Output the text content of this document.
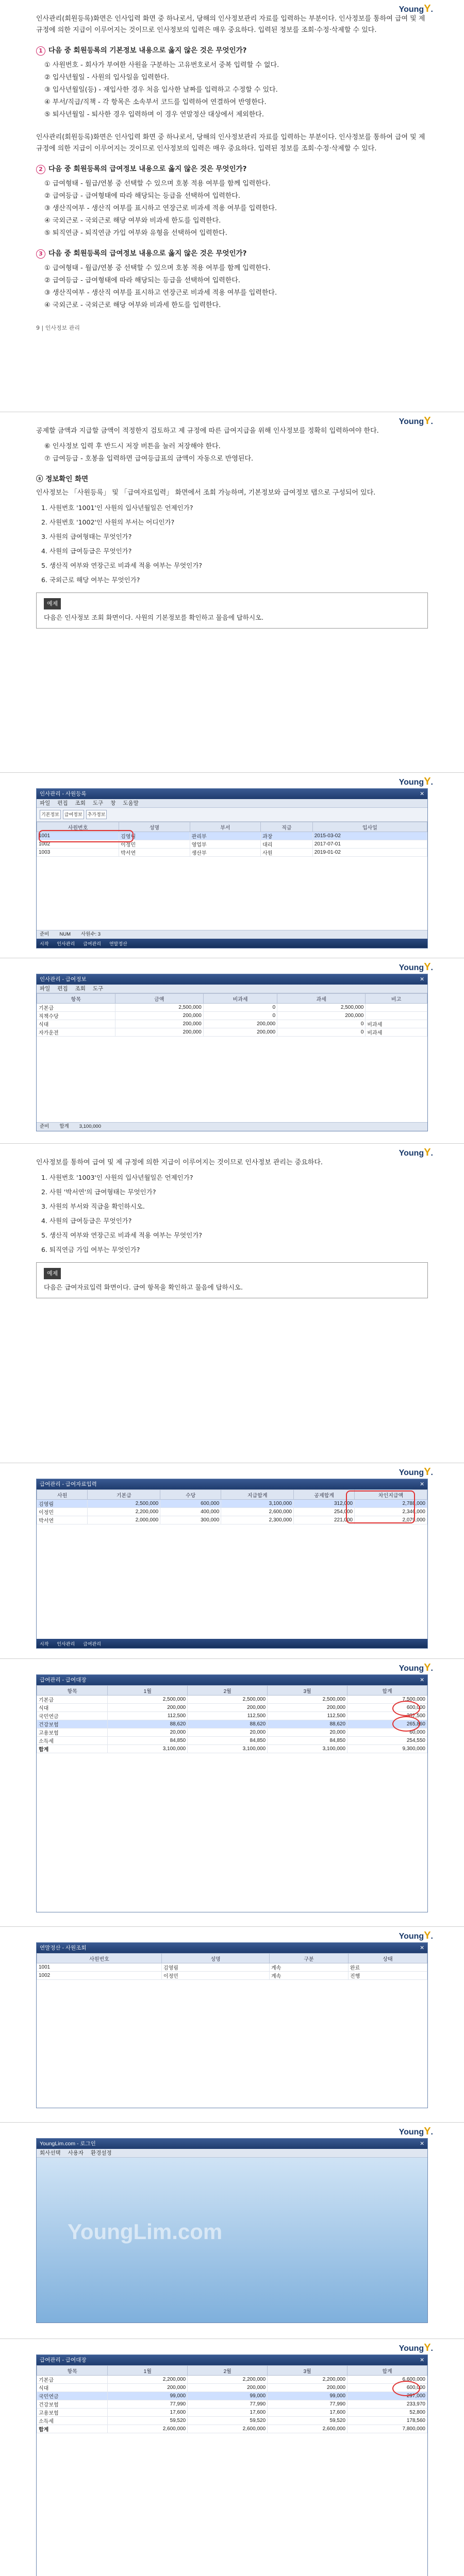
YoungY.

인사관리(회원등록)화면은 인사입력 화면 중 하나로서, 당해의 인사정보관리 자료를 입력하는 부분이다. 인사정보를 통하여 급여 및 제 규정에 의한 지급이 이루어지는 것이므로 인사정보의 입력은 매우 중요하다. 입력된 정보를 조회·수정·삭제할 수 있다.

1 다음 중 회원등록의 기본정보 내용으로 옳지 않은 것은 무엇인가?
① 사원번호 - 회사가 부여한 사원을 구분하는 고유번호로서 중복 입력할 수 없다.
② 입사년월일 - 사원의 입사일을 입력한다.
③ 입사년월일(등) - 재입사한 경우 처음 입사한 날짜를 입력하고 수정할 수 있다.
④ 부서/직급/직책 - 각 항목은 소속부서 코드를 입력하여 연결하여 반영한다.
⑤ 퇴사년월일 - 퇴사한 경우 입력하며 이 경우 연말정산 대상에서 제외한다.

인사관리(회원등록)화면은 인사입력 화면 중 하나로서, 당해의 인사정보관리 자료를 입력하는 부분이다. 인사정보를 통하여 급여 및 제 규정에 의한 지급이 이루어지는 것이므로 인사정보의 입력은 매우 중요하다. 입력된 정보를 조회·수정·삭제할 수 있다.

2 다음 중 회원등록의 급여정보 내용으로 옳지 않은 것은 무엇인가?
① 급여형태 - 월급/연봉 중 선택할 수 있으며 호봉 적용 여부를 함께 입력한다.
② 급여등급 - 급여형태에 따라 해당되는 등급을 선택하여 입력한다.
③ 생산직여부 - 생산직 여부를 표시하고 연장근로 비과세 적용 여부를 입력한다.
④ 국외근로 - 국외근로 해당 여부와 비과세 한도를 입력한다.
⑤ 퇴직연금 - 퇴직연금 가입 여부와 유형을 선택하여 입력한다.
3 다음 중 회원등록의 급여정보 내용으로 옳지 않은 것은 무엇인가?
① 급여형태 - 월급/연봉 중 선택할 수 있으며 호봉 적용 여부를 함께 입력한다.
② 급여등급 - 급여형태에 따라 해당되는 등급을 선택하여 입력한다.
③ 생산직여부 - 생산직 여부를 표시하고 연장근로 비과세 적용 여부를 입력한다.
④ 국외근로 - 국외근로 해당 여부와 비과세 한도를 입력한다.
9 | 인사정보 관리
YoungY.

공제할 금액과 지급할 금액이 적정한지 검토하고 제 규정에 따른 급여지급을 위해 인사정보를 정확히 입력하여야 한다.

⑥ 인사정보 입력 후 반드시 저장 버튼을 눌러 저장해야 한다.
⑦ 급여등급 - 호봉을 입력하면 급여등급표의 금액이 자동으로 반영된다.
ⓢ 정보확인 화면

인사정보는 「사원등록」 및 「급여자료입력」 화면에서 조회 가능하며, 기본정보와 급여정보 탭으로 구성되어 있다.

1. 사원번호 '1001'인 사원의 입사년월일은 언제인가?
2. 사원번호 '1002'인 사원의 부서는 어디인가?
3. 사원의 급여형태는 무엇인가?
4. 사원의 급여등급은 무엇인가?
5. 생산직 여부와 연장근로 비과세 적용 여부는 무엇인가?
6. 국외근로 해당 여부는 무엇인가?
예제
다음은 인사정보 조회 화면이다. 사원의 기본정보를 확인하고 물음에 답하시오.
YoungY.
인사관리 - 사원등록	✕
파일 편집 조회 도구 창 도움말
기본정보	급여정보	추가정보
사원번호	성명	부서	직급	입사일
1001	김영림	관리부	과장	2015-03-02
1002	이정민	영업부	대리	2017-07-01
1003	박서연	생산부	사원	2019-01-02
준비 NUM 사원수: 3
시작 인사관리 급여관리 연말정산
YoungY.
인사관리 - 급여정보	✕
파일 편집 조회 도구
항목	금액	비과세	과세	비고
기본급	2,500,000	0	2,500,000	
직책수당	200,000	0	200,000	
식대	200,000	200,000	0	비과세
자가운전	200,000	200,000	0	비과세
준비 합계 3,100,000
YoungY.

인사정보를 통하여 급여 및 제 규정에 의한 지급이 이루어지는 것이므로 인사정보 관리는 중요하다.

1. 사원번호 '1003'인 사원의 입사년월일은 언제인가?
2. 사원 '박서연'의 급여형태는 무엇인가?
3. 사원의 부서와 직급을 확인하시오.
4. 사원의 급여등급은 무엇인가?
5. 생산직 여부와 연장근로 비과세 적용 여부는 무엇인가?
6. 퇴직연금 가입 여부는 무엇인가?
예제
다음은 급여자료입력 화면이다. 급여 항목을 확인하고 물음에 답하시오.
YoungY.
급여관리 - 급여자료입력	✕
사원	기본급	수당	지급합계	공제합계	차인지급액
김영림	2,500,000	600,000	3,100,000	312,000	2,788,000
이정민	2,200,000	400,000	2,600,000	254,000	2,346,000
박서연	2,000,000	300,000	2,300,000	221,000	2,079,000
시작 인사관리 급여관리
YoungY.
급여관리 - 급여대장	✕
항목	1월	2월	3월	합계
기본급	2,500,000	2,500,000	2,500,000	7,500,000
식대	200,000	200,000	200,000	600,000
국민연금	112,500	112,500	112,500	337,500
건강보험	88,620	88,620	88,620	265,860
고용보험	20,000	20,000	20,000	60,000
소득세	84,850	84,850	84,850	254,550
합계	3,100,000	3,100,000	3,100,000	9,300,000
YoungY.
연말정산 - 사원조회	✕
사원번호	성명	구분	상태
1001	김영림	계속	완료
1002	이정민	계속	진행
YoungY.
YoungLim.com - 로그인	✕
회사선택 사용자 환경설정
YoungLim.com
YoungY.
급여관리 - 급여대장	✕
항목	1월	2월	3월	합계
기본급	2,200,000	2,200,000	2,200,000	6,600,000
식대	200,000	200,000	200,000	600,000
국민연금	99,000	99,000	99,000	297,000
건강보험	77,990	77,990	77,990	233,970
고용보험	17,600	17,600	17,600	52,800
소득세	59,520	59,520	59,520	178,560
합계	2,600,000	2,600,000	2,600,000	7,800,000
